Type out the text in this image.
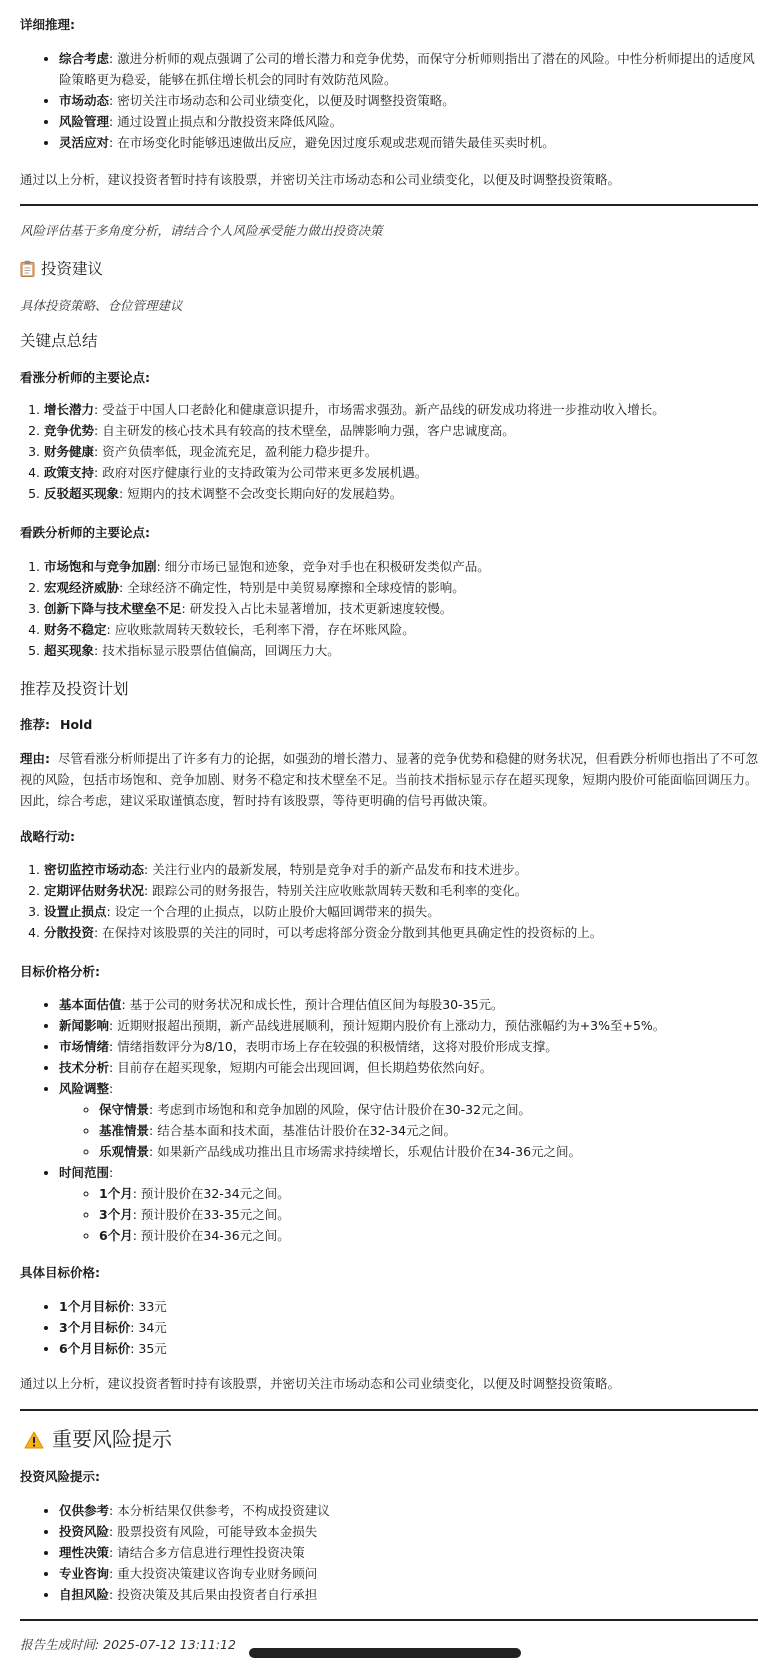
详细推理:

• 综合考虑: 激进分析师的观点强调了公司的增长潜力和竞争优势，而保守分析师则指出了潜在的风险。中性分析师提出的适度风险策略更为稳妥，能够在抓住增长机会的同时有效防范风险。
• 市场动态: 密切关注市场动态和公司业绩变化，以便及时调整投资策略。
• 风险管理: 通过设置止损点和分散投资来降低风险。
• 灵活应对: 在市场变化时能够迅速做出反应，避免因过度乐观或悲观而错失最佳买卖时机。

通过以上分析，建议投资者暂时持有该股票，并密切关注市场动态和公司业绩变化，以便及时调整投资策略。

风险评估基于多角度分析，请结合个人风险承受能力做出投资决策

投资建议

具体投资策略、仓位管理建议

关键点总结

看涨分析师的主要论点:

1. 增长潜力: 受益于中国人口老龄化和健康意识提升，市场需求强劲。新产品线的研发成功将进一步推动收入增长。
2. 竞争优势: 自主研发的核心技术具有较高的技术壁垒，品牌影响力强，客户忠诚度高。
3. 财务健康: 资产负债率低，现金流充足，盈利能力稳步提升。
4. 政策支持: 政府对医疗健康行业的支持政策为公司带来更多发展机遇。
5. 反驳超买现象: 短期内的技术调整不会改变长期向好的发展趋势。

看跌分析师的主要论点:

1. 市场饱和与竞争加剧: 细分市场已显饱和迹象，竞争对手也在积极研发类似产品。
2. 宏观经济威胁: 全球经济不确定性，特别是中美贸易摩擦和全球疫情的影响。
3. 创新下降与技术壁垒不足: 研发投入占比未显著增加，技术更新速度较慢。
4. 财务不稳定: 应收账款周转天数较长，毛利率下滑，存在坏账风险。
5. 超买现象: 技术指标显示股票估值偏高，回调压力大。
推荐及投资计划

推荐: Hold

理由: 尽管看涨分析师提出了许多有力的论据，如强劲的增长潜力、显著的竞争优势和稳健的财务状况，但看跌分析师也指出了不可忽视的风险，包括市场饱和、竞争加剧、财务不稳定和技术壁垒不足。当前技术指标显示存在超买现象，短期内股价可能面临回调压力。因此，综合考虑，建议采取谨慎态度，暂时持有该股票，等待更明确的信号再做决策。

战略行动:

1. 密切监控市场动态: 关注行业内的最新发展，特别是竞争对手的新产品发布和技术进步。
2. 定期评估财务状况: 跟踪公司的财务报告，特别关注应收账款周转天数和毛利率的变化。
3. 设置止损点: 设定一个合理的止损点，以防止股价大幅回调带来的损失。
4. 分散投资: 在保持对该股票的关注的同时，可以考虑将部分资金分散到其他更具确定性的投资标的上。

目标价格分析:

• 基本面估值: 基于公司的财务状况和成长性，预计合理估值区间为每股30-35元。
• 新闻影响: 近期财报超出预期，新产品线进展顺利，预计短期内股价有上涨动力，预估涨幅约为+3%至+5%。
• 市场情绪: 情绪指数评分为8/10，表明市场上存在较强的积极情绪，这将对股价形成支撑。
• 技术分析: 目前存在超买现象，短期内可能会出现回调，但长期趋势依然向好。
• 风险调整:
◦ 保守情景: 考虑到市场饱和和竞争加剧的风险，保守估计股价在30-32元之间。
◦ 基准情景: 结合基本面和技术面，基准估计股价在32-34元之间。
◦ 乐观情景: 如果新产品线成功推出且市场需求持续增长，乐观估计股价在34-36元之间。
• 时间范围:
◦ 1个月: 预计股价在32-34元之间。
◦ 3个月: 预计股价在33-35元之间。
◦ 6个月: 预计股价在34-36元之间。

具体目标价格:

• 1个月目标价: 33元
• 3个月目标价: 34元
• 6个月目标价: 35元

通过以上分析，建议投资者暂时持有该股票，并密切关注市场动态和公司业绩变化，以便及时调整投资策略。

重要风险提示

投资风险提示:

• 仅供参考: 本分析结果仅供参考，不构成投资建议
• 投资风险: 股票投资有风险，可能导致本金损失
• 理性决策: 请结合多方信息进行理性投资决策
• 专业咨询: 重大投资决策建议咨询专业财务顾问
• 自担风险: 投资决策及其后果由投资者自行承担

报告生成时间: 2025-07-12 13:11:12
